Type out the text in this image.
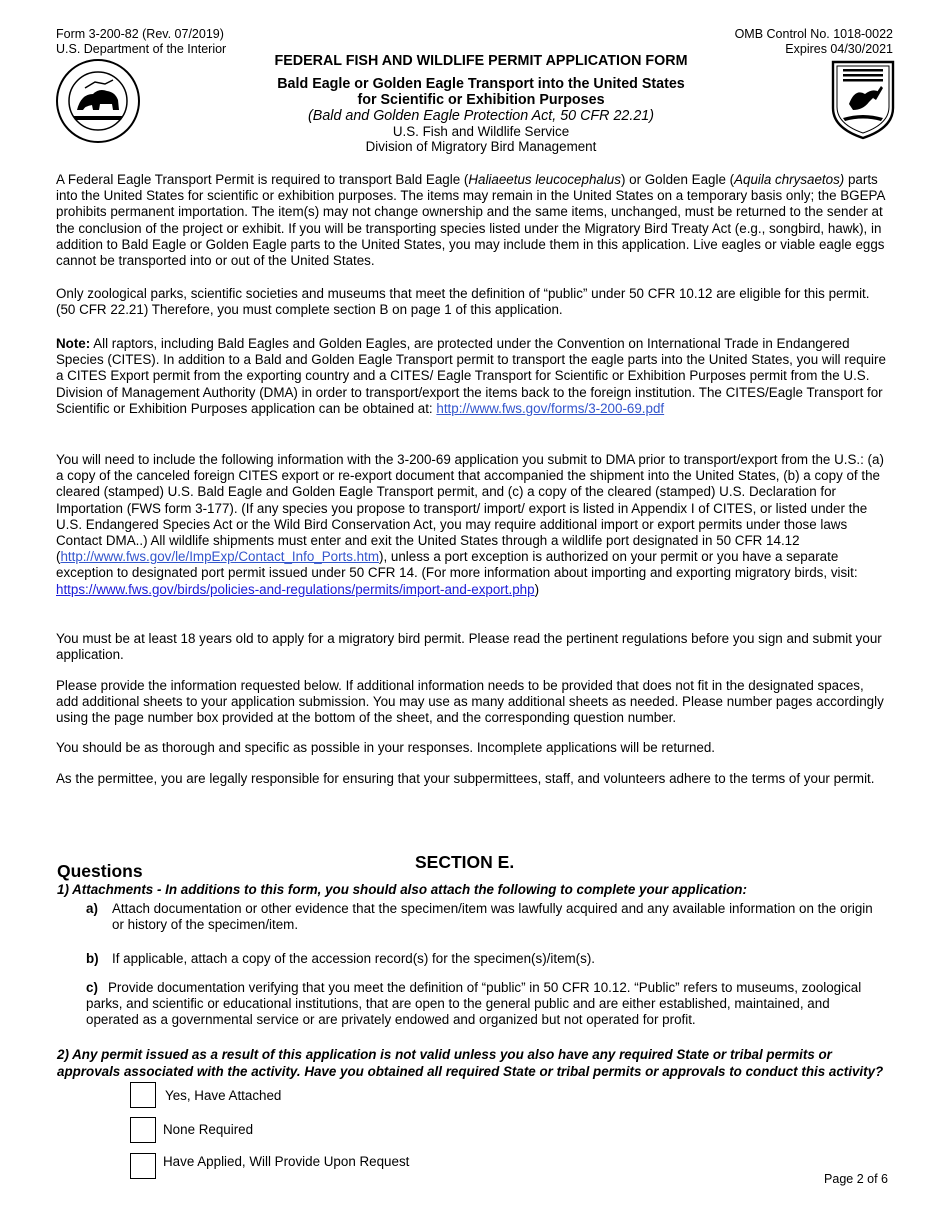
Form 3-200-82 (Rev. 07/2019)
U.S. Department of the Interior
OMB Control No. 1018-0022
Expires 04/30/2021
FEDERAL FISH AND WILDLIFE PERMIT APPLICATION FORM
Bald Eagle or Golden Eagle Transport into the United States
for Scientific or Exhibition Purposes
(Bald and Golden Eagle Protection Act, 50 CFR 22.21)
U.S. Fish and Wildlife Service
Division of Migratory Bird Management

A Federal Eagle Transport Permit is required to transport Bald Eagle (Haliaeetus leucocephalus) or Golden Eagle (Aquila chrysaetos) parts into the United States for scientific or exhibition purposes. The items may remain in the United States on a temporary basis only; the BGEPA prohibits permanent importation. The item(s) may not change ownership and the same items, unchanged, must be returned to the sender at the conclusion of the project or exhibit. If you will be transporting species listed under the Migratory Bird Treaty Act (e.g., songbird, hawk), in addition to Bald Eagle or Golden Eagle parts to the United States, you may include them in this application. Live eagles or viable eagle eggs cannot be transported into or out of the United States.

Only zoological parks, scientific societies and museums that meet the definition of “public” under 50 CFR 10.12 are eligible for this permit. (50 CFR 22.21) Therefore, you must complete section B on page 1 of this application.

Note: All raptors, including Bald Eagles and Golden Eagles, are protected under the Convention on International Trade in Endangered Species (CITES). In addition to a Bald and Golden Eagle Transport permit to transport the eagle parts into the United States, you will require a CITES Export permit from the exporting country and a CITES/ Eagle Transport for Scientific or Exhibition Purposes permit from the U.S. Division of Management Authority (DMA) in order to transport/export the items back to the foreign institution. The CITES/Eagle Transport for Scientific or Exhibition Purposes application can be obtained at: http://www.fws.gov/forms/3-200-69.pdf

You will need to include the following information with the 3-200-69 application you submit to DMA prior to transport/export from the U.S.: (a) a copy of the canceled foreign CITES export or re-export document that accompanied the shipment into the United States, (b) a copy of the cleared (stamped) U.S. Bald Eagle and Golden Eagle Transport permit, and (c) a copy of the cleared (stamped) U.S. Declaration for Importation (FWS form 3-177). (If any species you propose to transport/ import/ export is listed in Appendix I of CITES, or listed under the U.S. Endangered Species Act or the Wild Bird Conservation Act, you may require additional import or export permits under those laws Contact DMA..) All wildlife shipments must enter and exit the United States through a wildlife port designated in 50 CFR 14.12 (http://www.fws.gov/le/ImpExp/Contact_Info_Ports.htm), unless a port exception is authorized on your permit or you have a separate exception to designated port permit issued under 50 CFR 14. (For more information about importing and exporting migratory birds, visit: https://www.fws.gov/birds/policies-and-regulations/permits/import-and-export.php)

You must be at least 18 years old to apply for a migratory bird permit. Please read the pertinent regulations before you sign and submit your application.

Please provide the information requested below. If additional information needs to be provided that does not fit in the designated spaces, add additional sheets to your application submission. You may use as many additional sheets as needed. Please number pages accordingly using the page number box provided at the bottom of the sheet, and the corresponding question number.

You should be as thorough and specific as possible in your responses. Incomplete applications will be returned.

As the permittee, you are legally responsible for ensuring that your subpermittees, staff, and volunteers adhere to the terms of your permit.

SECTION E.
Questions
1) Attachments - In additions to this form, you should also attach the following to complete your application:
a)	Attach documentation or other evidence that the specimen/item was lawfully acquired and any available information on the origin or history of the specimen/item.
b) If applicable, attach a copy of the accession record(s) for the specimen(s)/item(s).

c) Provide documentation verifying that you meet the definition of “public” in 50 CFR 10.12. “Public” refers to museums, zoological parks, and scientific or educational institutions, that are open to the general public and are either established, maintained, and operated as a governmental service or are privately endowed and organized but not operated for profit.

2) Any permit issued as a result of this application is not valid unless you also have any required State or tribal permits or approvals associated with the activity. Have you obtained all required State or tribal permits or approvals to conduct this activity?
Yes, Have Attached
None Required
Have Applied, Will Provide Upon Request
Page 2 of 6
